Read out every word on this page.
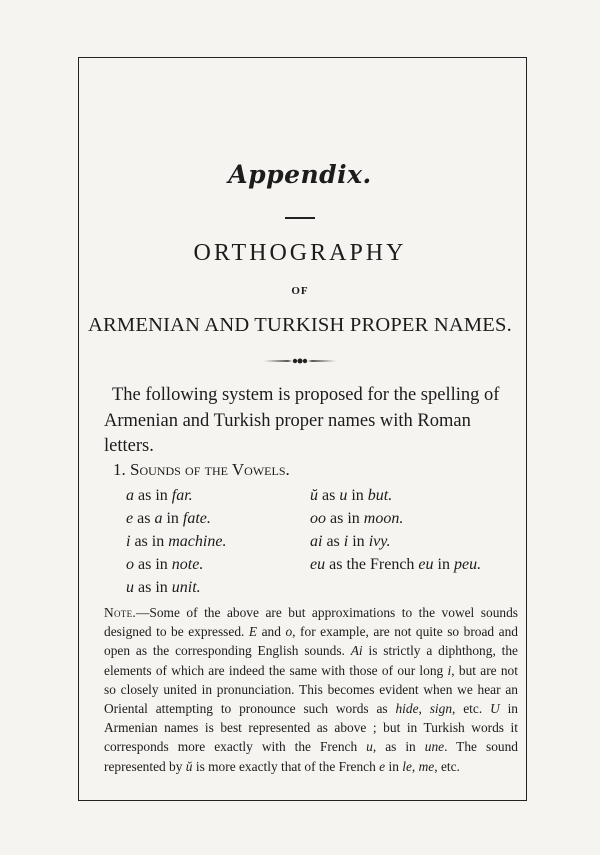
Appendix.
ORTHOGRAPHY
OF
ARMENIAN AND TURKISH PROPER NAMES.
The following system is proposed for the spelling of Armenian and Turkish proper names with Roman letters.
1. Sounds of the Vowels.
a as in far.	ŭ as u in but.
e as a in fate.	oo as in moon.
i as in machine.	ai as i in ivy.
o as in note.	eu as the French eu in peu.
u as in unit.
Note.—Some of the above are but approximations to the vowel sounds designed to be expressed. E and o, for example, are not quite so broad and open as the corresponding English sounds. Ai is strictly a diphthong, the elements of which are indeed the same with those of our long i, but are not so closely united in pronunciation. This becomes evident when we hear an Oriental attempting to pronounce such words as hide, sign, etc. U in Armenian names is best represented as above ; but in Turkish words it corresponds more exactly with the French u, as in une. The sound represented by ŭ is more exactly that of the French e in le, me, etc.
